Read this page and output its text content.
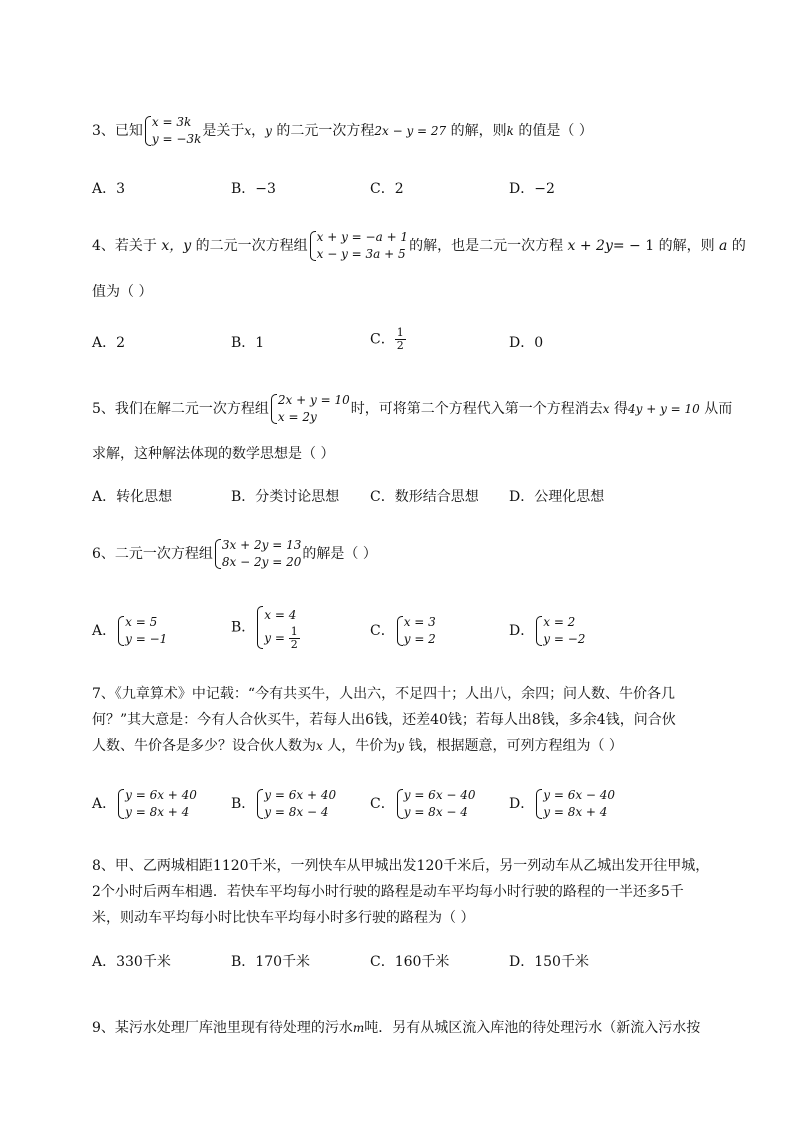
3、已知
x = 3k
y = −3k 是关于x，y 的二元一次方程2x − y = 27 的解，则k 的值是（ ）
A．3	B．−3	C．2	D．−2
4、若关于 x，y 的二元一次方程组
x + y = −a + 1
x − y = 3a + 5 的解，也是二元一次方程 x + 2y= − 1 的解，则 a 的
值为（ ）
A．2	B．1	C． $\frac{1}{2}$	D．0
5、我们在解二元一次方程组
2x + y = 10
x = 2y	时，可将第二个方程代入第一个方程消去x 得4y + y = 10 从而
求解，这种解法体现的数学思想是（ ）
A．转化思想	B．分类讨论思想 C．数形结合思想 D．公理化思想
6、二元一次方程组
3x + 2y = 13
8x − 2y = 20 的解是（ ）
A．
x = 5
y = −1
B．
x = 4
$y = \frac{1}{2}$	C．
x = 3
y = 2	D．
x = 2
y = −2
7、《九章算术》中记载：“今有共买牛，人出六，不足四十；人出八，余四；问人数、牛价各几
何？”其大意是：今有人合伙买牛，若每人出6钱，还差40钱；若每人出8钱，多余4钱，问合伙
人数、牛价各是多少？设合伙人数为x 人，牛价为y 钱，根据题意，可列方程组为（ ）
A．
y = 6x + 40
y = 8x + 4	B．
y = 6x + 40
y = 8x − 4	C．
y = 6x − 40
y = 8x − 4	D．
y = 6x − 40
y = 8x + 4
8、甲、乙两城相距1120千米，一列快车从甲城出发120千米后，另一列动车从乙城出发开往甲城，
2个小时后两车相遇．若快车平均每小时行驶的路程是动车平均每小时行驶的路程的一半还多5千
米，则动车平均每小时比快车平均每小时多行驶的路程为（ ）
A．330千米	B．170千米	C．160千米	D．150千米
9、某污水处理厂库池里现有待处理的污水m吨．另有从城区流入库池的待处理污水（新流入污水按
